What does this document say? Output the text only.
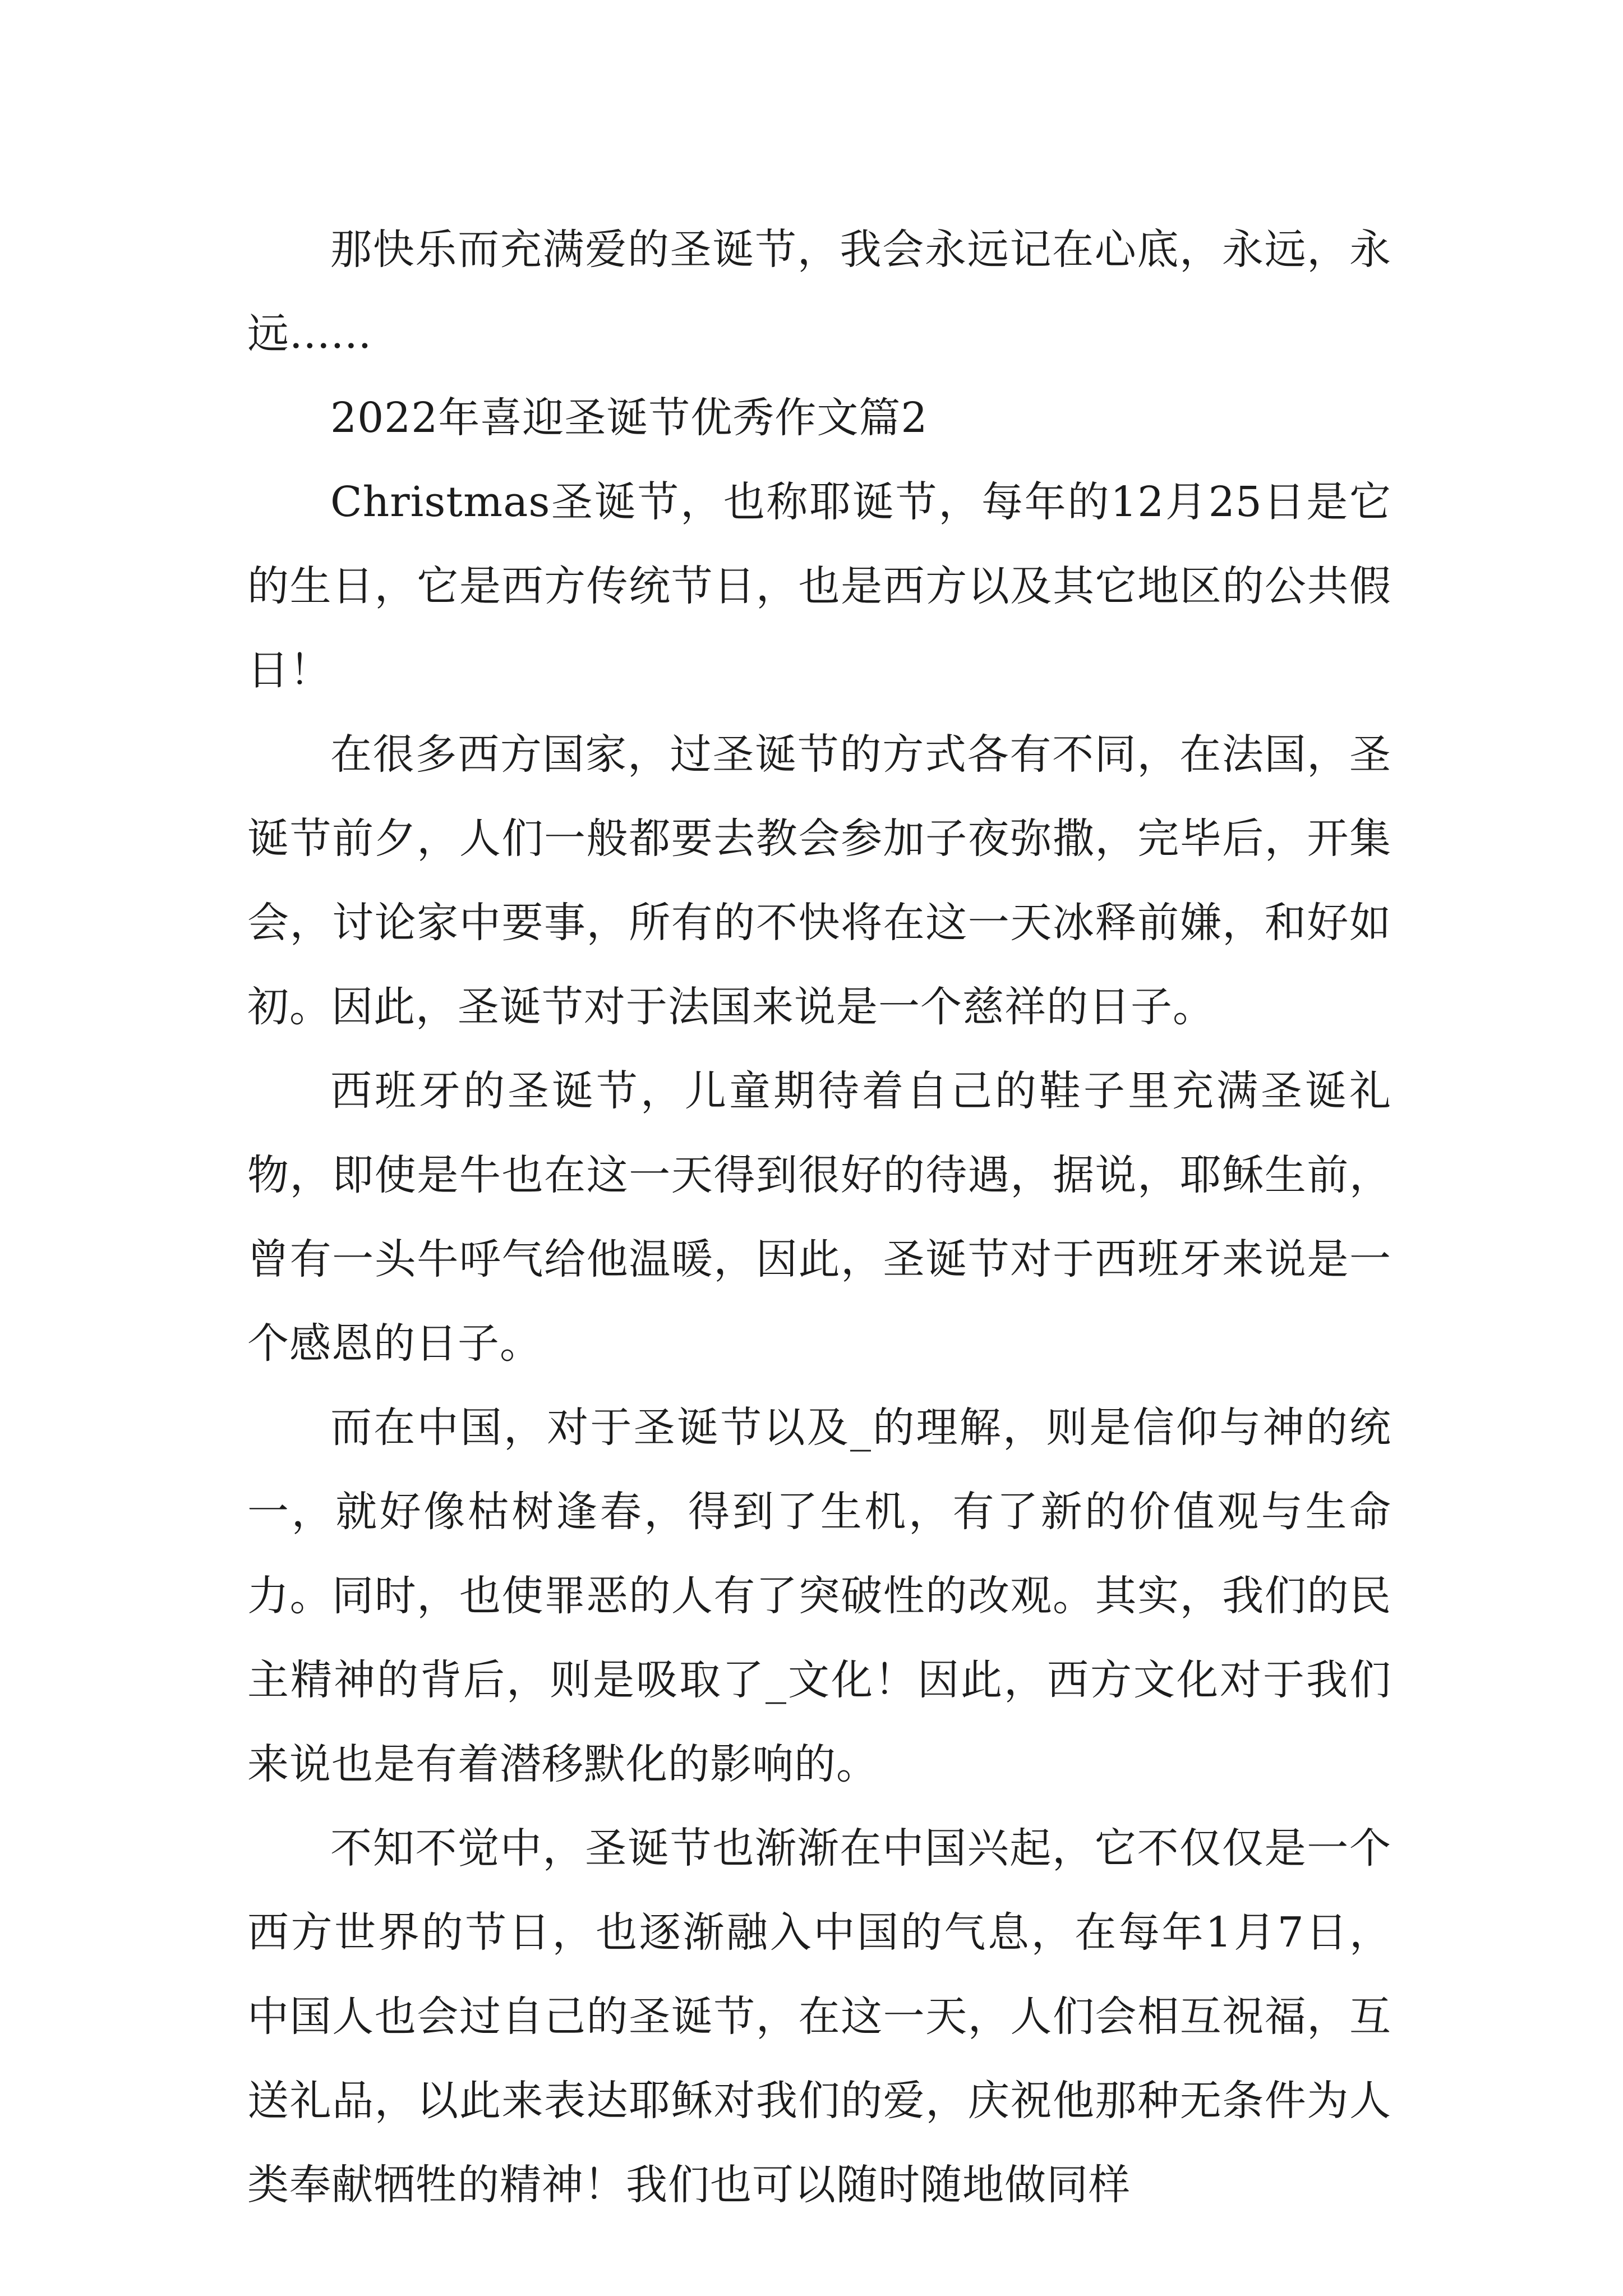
那快乐而充满爱的圣诞节，我会永远记在心底，永远，永远......

2022年喜迎圣诞节优秀作文篇2

Christmas圣诞节，也称耶诞节，每年的12月25日是它的生日，它是西方传统节日，也是西方以及其它地区的公共假日！

在很多西方国家，过圣诞节的方式各有不同，在法国，圣诞节前夕，人们一般都要去教会参加子夜弥撒，完毕后，开集会，讨论家中要事，所有的不快将在这一天冰释前嫌，和好如初。因此，圣诞节对于法国来说是一个慈祥的日子。

西班牙的圣诞节，儿童期待着自己的鞋子里充满圣诞礼物，即使是牛也在这一天得到很好的待遇，据说，耶稣生前，曾有一头牛呼气给他温暖，因此，圣诞节对于西班牙来说是一个感恩的日子。

而在中国，对于圣诞节以及_的理解，则是信仰与神的统一，就好像枯树逢春，得到了生机，有了新的价值观与生命力。同时，也使罪恶的人有了突破性的改观。其实，我们的民主精神的背后，则是吸取了_文化！因此，西方文化对于我们来说也是有着潜移默化的影响的。

不知不觉中，圣诞节也渐渐在中国兴起，它不仅仅是一个西方世界的节日，也逐渐融入中国的气息，在每年1月7日，中国人也会过自己的圣诞节，在这一天，人们会相互祝福，互送礼品，以此来表达耶稣对我们的爱，庆祝他那种无条件为人类奉献牺牲的精神！我们也可以随时随地做同样
